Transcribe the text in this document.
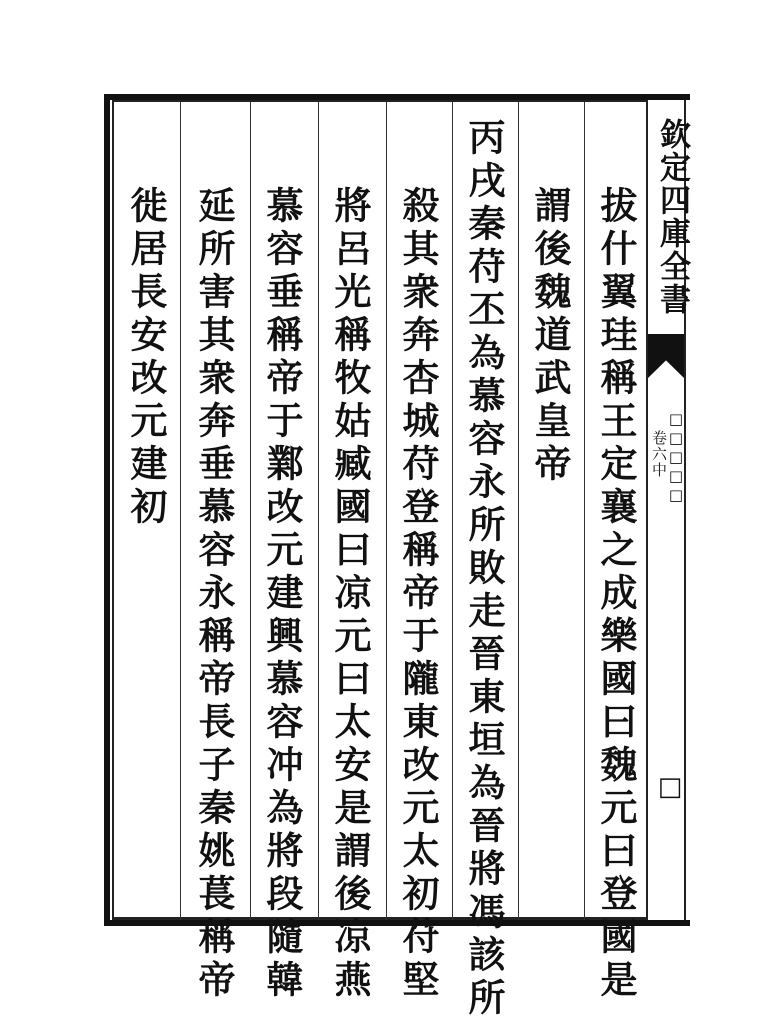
欽定四庫全書
□□□□□
卷六中
□
拔什翼珪稱王定襄之成樂國曰魏元曰登國是
謂後魏道武皇帝
丙戌秦苻丕為慕容永所敗走晉東垣為晉將馮該所
殺其衆奔杏城苻登稱帝于隴東改元太初苻堅
將呂光稱牧姑臧國曰凉元曰太安是謂後凉燕
慕容垂稱帝于鄴改元建興慕容冲為將段隨韓
延所害其衆奔垂慕容永稱帝長子秦姚萇稱帝
徙居長安改元建初
